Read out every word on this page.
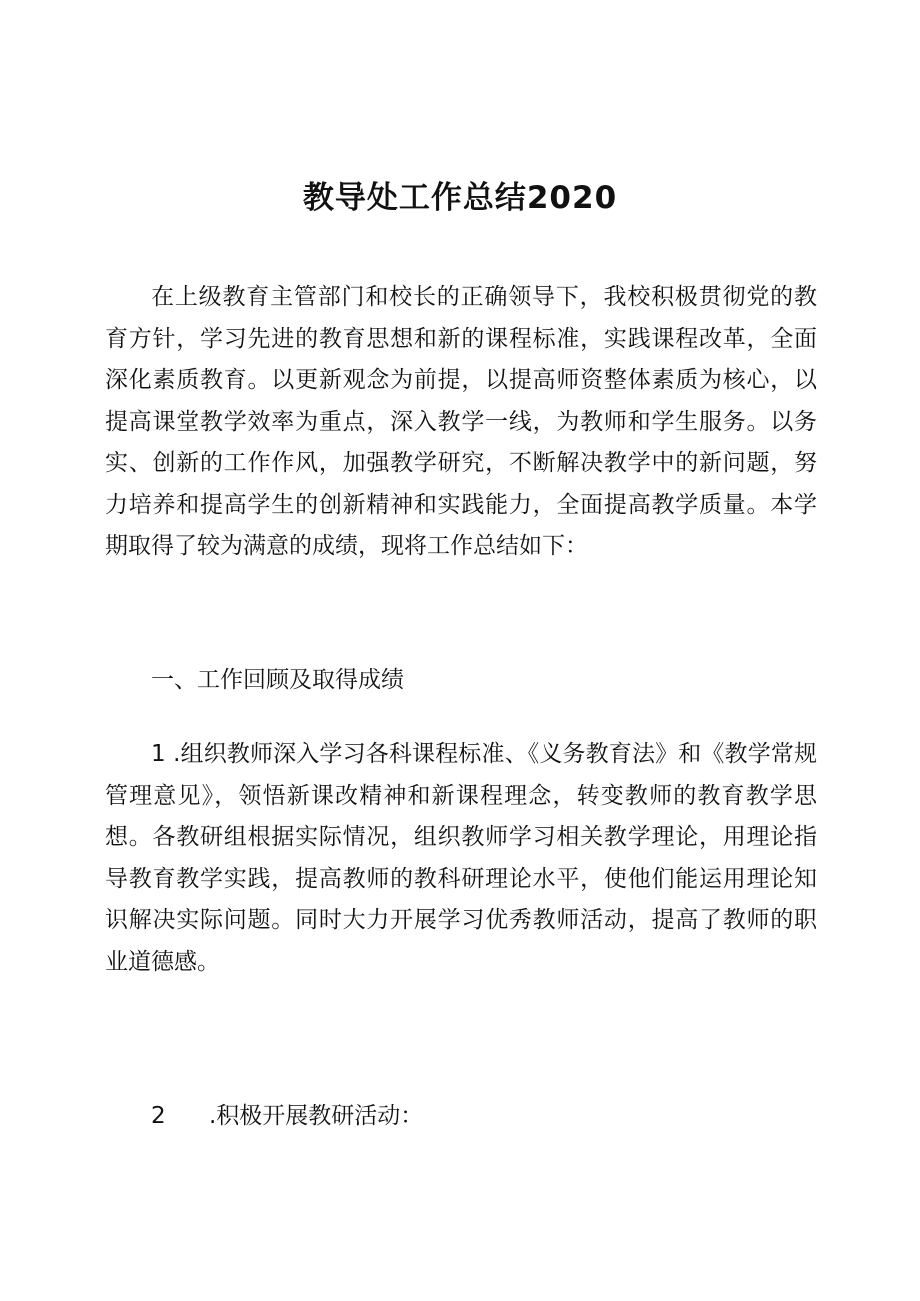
教导处工作总结2020

在上级教育主管部门和校长的正确领导下，我校积极贯彻党的教育方针，学习先进的教育思想和新的课程标准，实践课程改革，全面深化素质教育。以更新观念为前提，以提高师资整体素质为核心，以提高课堂教学效率为重点，深入教学一线，为教师和学生服务。以务实、创新的工作作风，加强教学研究，不断解决教学中的新问题，努力培养和提高学生的创新精神和实践能力，全面提高教学质量。本学期取得了较为满意的成绩，现将工作总结如下：

一、工作回顾及取得成绩

1 .组织教师深入学习各科课程标准、《义务教育法》和《教学常规管理意见》，领悟新课改精神和新课程理念，转变教师的教育教学思想。各教研组根据实际情况，组织教师学习相关教学理论，用理论指导教育教学实践，提高教师的教科研理论水平，使他们能运用理论知识解决实际问题。同时大力开展学习优秀教师活动，提高了教师的职业道德感。

2 .积极开展教研活动：
